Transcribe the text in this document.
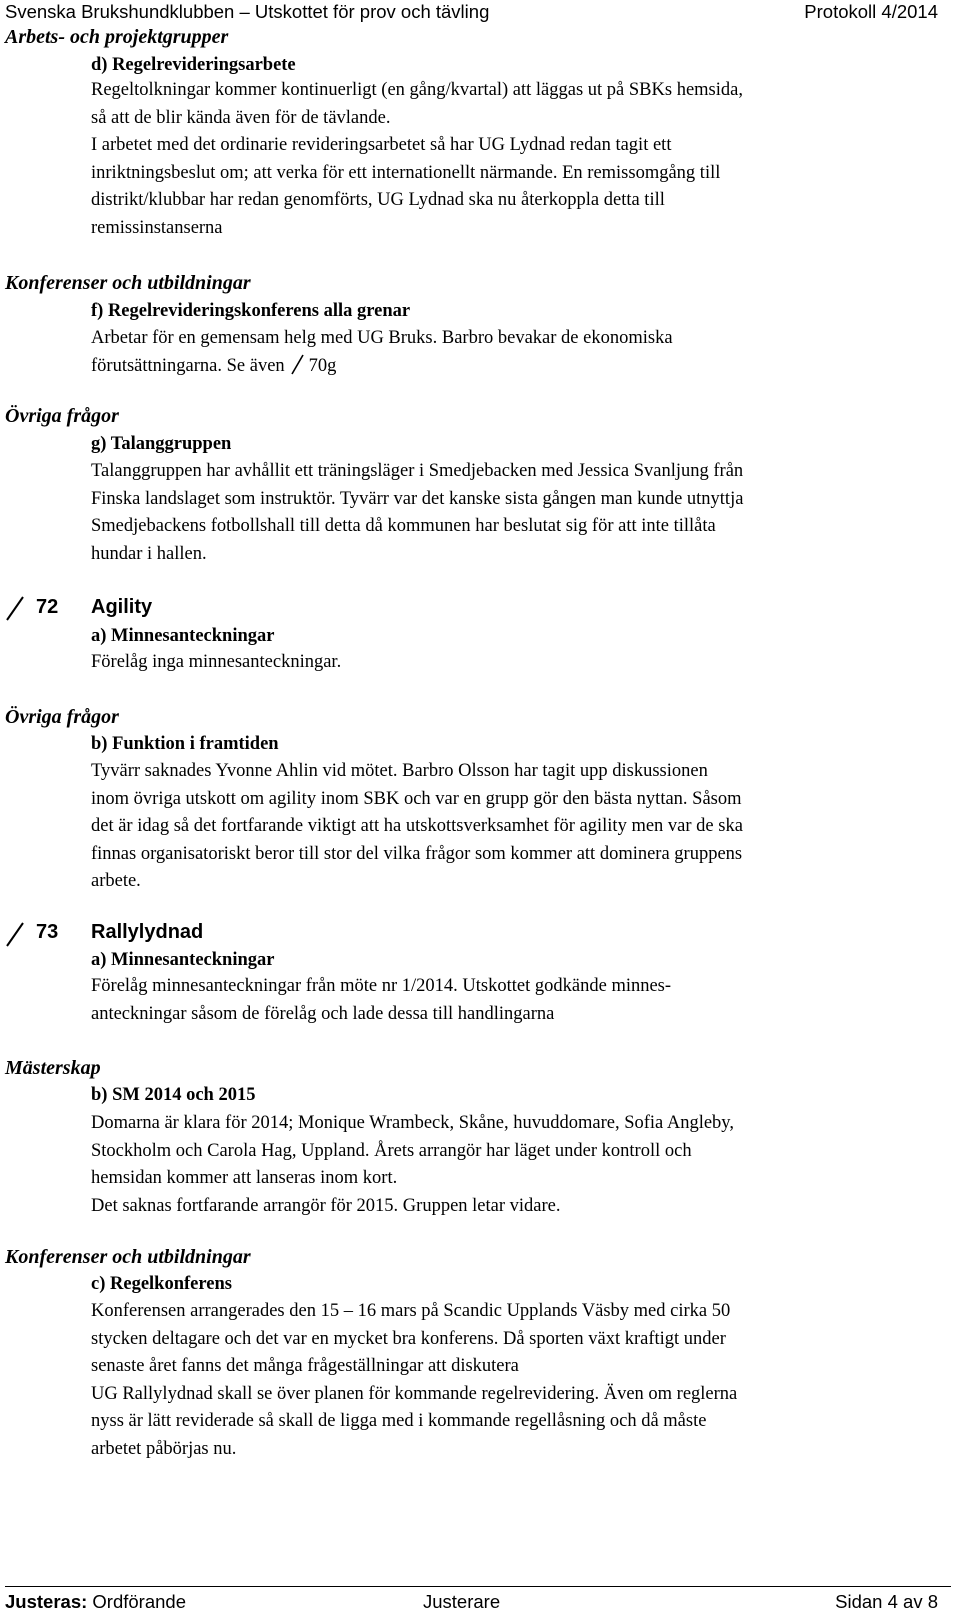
Svenska Brukshundklubben – Utskottet för prov och tävling	Protokoll 4/2014
Arbets- och projektgrupper
d) Regelrevideringsarbete
Regeltolkningar kommer kontinuerligt (en gång/kvartal) att läggas ut på SBKs hemsida,
så att de blir kända även för de tävlande.
I arbetet med det ordinarie revideringsarbetet så har UG Lydnad redan tagit ett
inriktningsbeslut om; att verka för ett internationellt närmande. En remissomgång till
distrikt/klubbar har redan genomförts, UG Lydnad ska nu återkoppla detta till
remissinstanserna
Konferenser och utbildningar
f) Regelrevideringskonferens alla grenar
Arbetar för en gemensam helg med UG Bruks. Barbro bevakar de ekonomiska
förutsättningarna. Se även 70g
Övriga frågor
g) Talanggruppen
Talanggruppen har avhållit ett träningsläger i Smedjebacken med Jessica Svanljung från
Finska landslaget som instruktör. Tyvärr var det kanske sista gången man kunde utnyttja
Smedjebackens fotbollshall till detta då kommunen har beslutat sig för att inte tillåta
hundar i hallen.
72 Agility
a) Minnesanteckningar
Förelåg inga minnesanteckningar.
Övriga frågor
b) Funktion i framtiden
Tyvärr saknades Yvonne Ahlin vid mötet. Barbro Olsson har tagit upp diskussionen
inom övriga utskott om agility inom SBK och var en grupp gör den bästa nyttan. Såsom
det är idag så det fortfarande viktigt att ha utskottsverksamhet för agility men var de ska
finnas organisatoriskt beror till stor del vilka frågor som kommer att dominera gruppens
arbete.
73 Rallylydnad
a) Minnesanteckningar
Förelåg minnesanteckningar från möte nr 1/2014. Utskottet godkände minnes-
anteckningar såsom de förelåg och lade dessa till handlingarna
Mästerskap
b) SM 2014 och 2015
Domarna är klara för 2014; Monique Wrambeck, Skåne, huvuddomare, Sofia Angleby,
Stockholm och Carola Hag, Uppland. Årets arrangör har läget under kontroll och
hemsidan kommer att lanseras inom kort.
Det saknas fortfarande arrangör för 2015. Gruppen letar vidare.
Konferenser och utbildningar
c) Regelkonferens
Konferensen arrangerades den 15 – 16 mars på Scandic Upplands Väsby med cirka 50
stycken deltagare och det var en mycket bra konferens. Då sporten växt kraftigt under
senaste året fanns det många frågeställningar att diskutera
UG Rallylydnad skall se över planen för kommande regelrevidering. Även om reglerna
nyss är lätt reviderade så skall de ligga med i kommande regellåsning och då måste
arbetet påbörjas nu.
Justeras: Ordförande	Justerare	Sidan 4 av 8
